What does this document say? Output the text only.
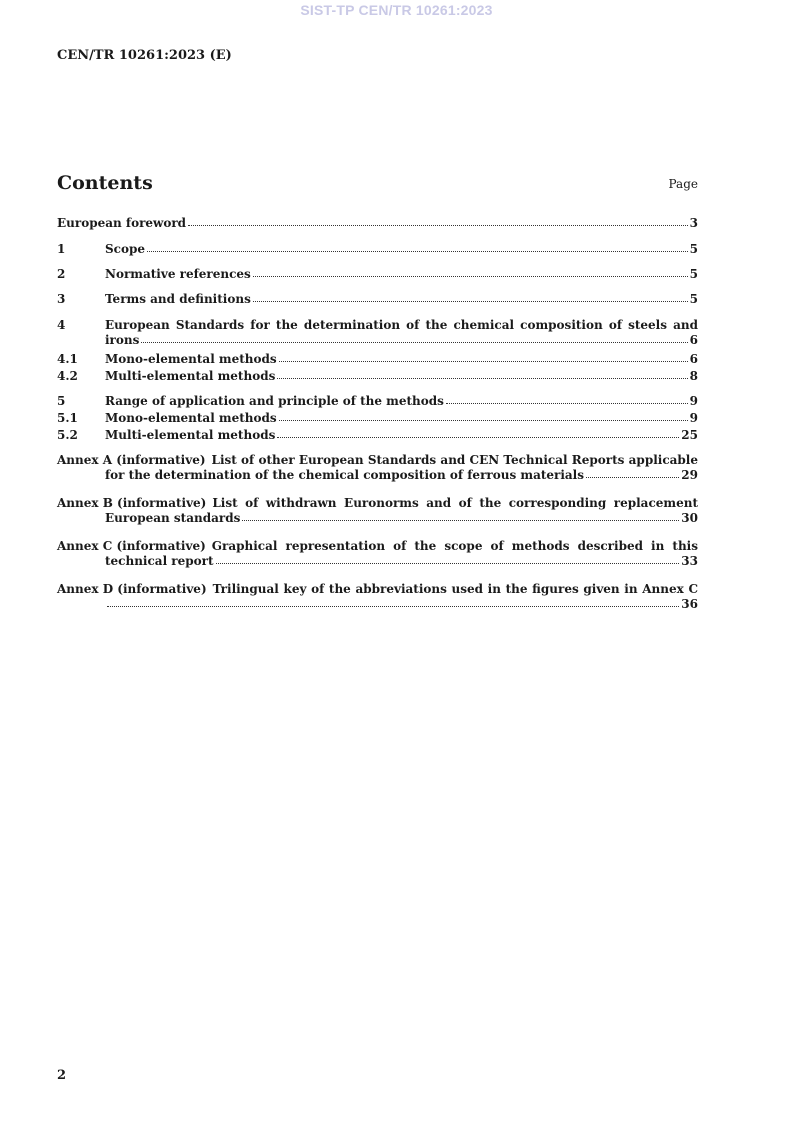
SIST-TP CEN/TR 10261:2023
CEN/TR 10261:2023 (E)
Contents	Page
European foreword	3
1	Scope	5
2	Normative references	5
3	Terms and definitions	5
4	European Standards for the determination of the chemical composition of steels and
irons	6
4.1	Mono-elemental methods	6
4.2	Multi-elemental methods	8
5	Range of application and principle of the methods	9
5.1	Mono-elemental methods	9
5.2	Multi-elemental methods	25
Annex A (informative) List of other European Standards and CEN Technical Reports applicable
for the determination of the chemical composition of ferrous materials	29
Annex B (informative) List of withdrawn Euronorms and of the corresponding replacement
European standards	30
Annex C (informative) Graphical representation of the scope of methods described in this
technical report	33
Annex D (informative) Trilingual key of the abbreviations used in the figures given in Annex C
36
2
